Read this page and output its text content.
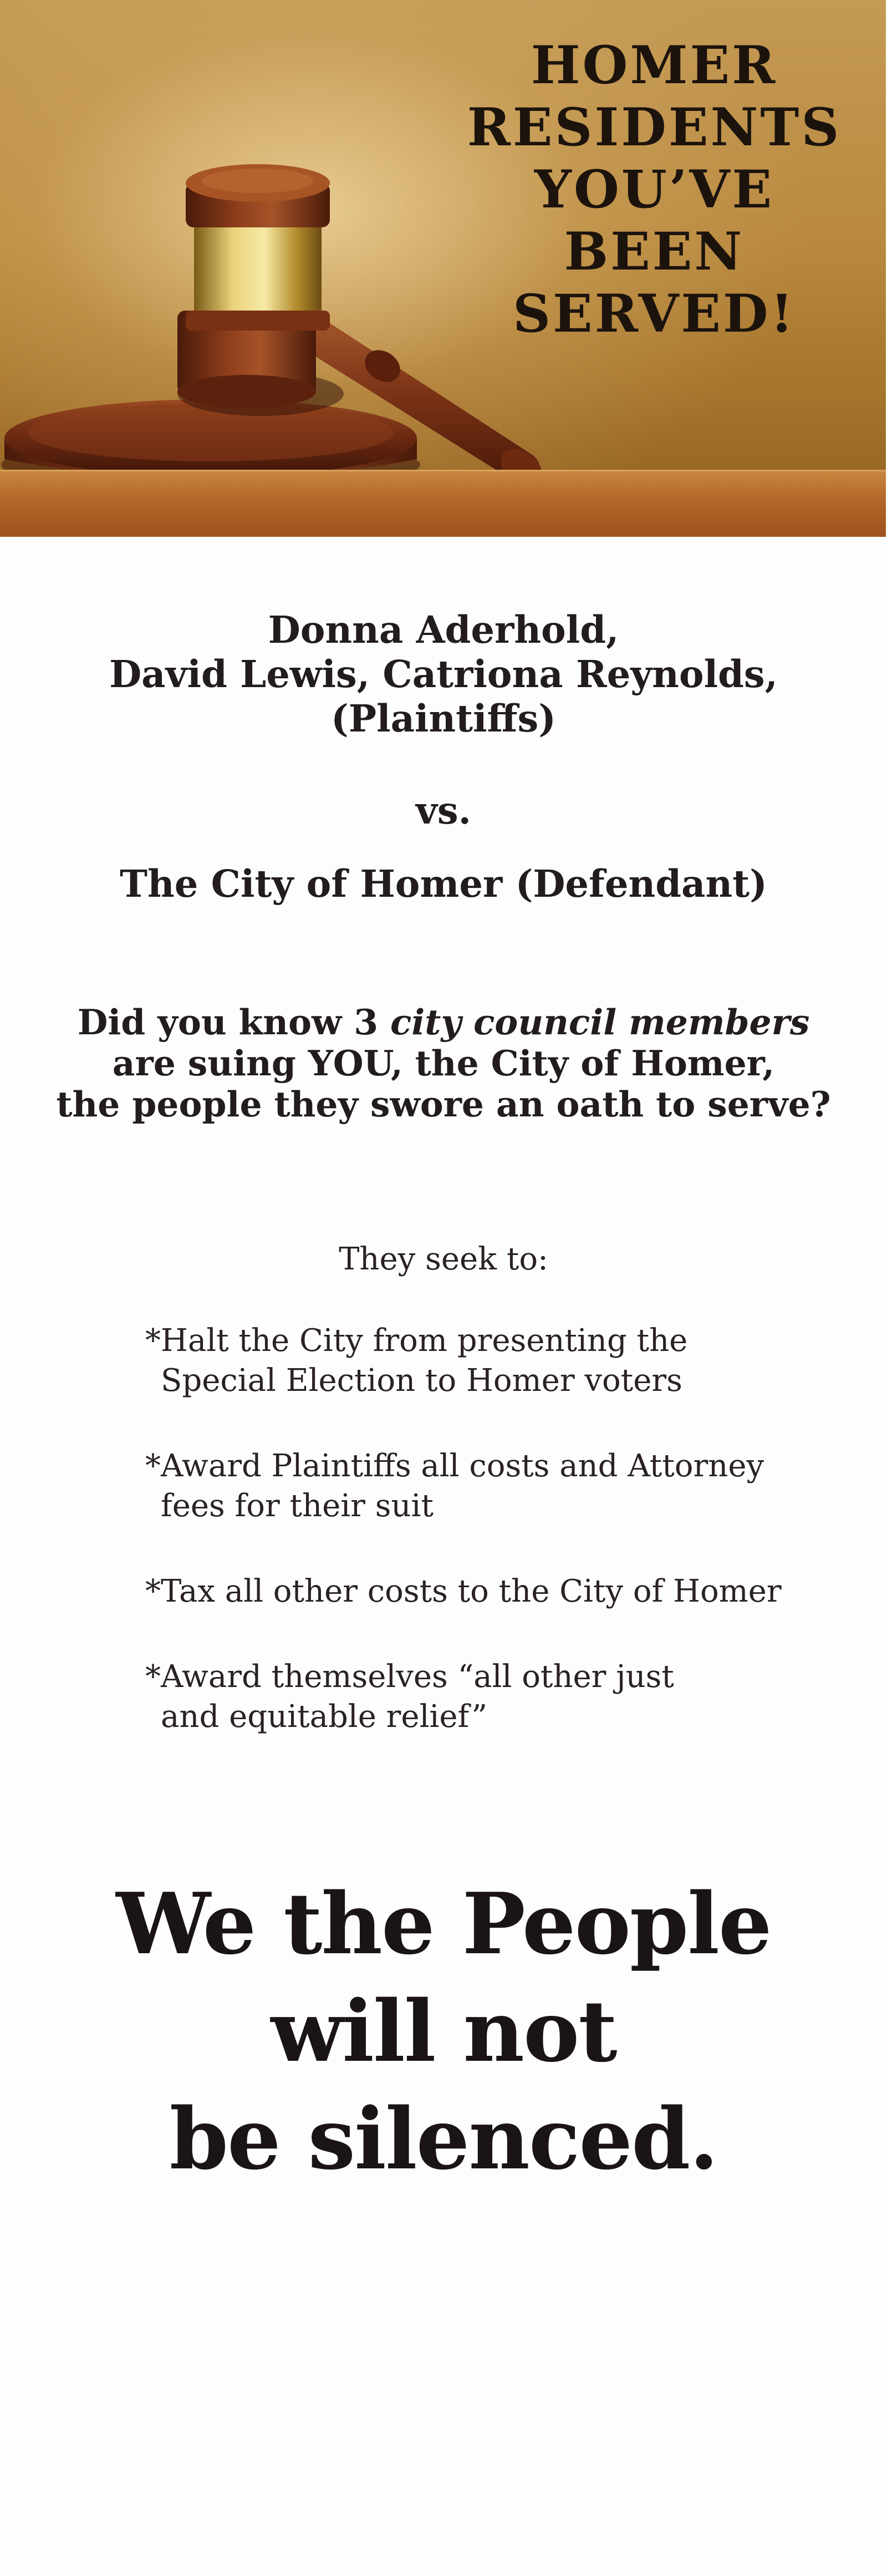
HOMER
RESIDENTS
YOU’VE
BEEN
SERVED!

Donna Aderhold,
David Lewis, Catriona Reynolds,
(Plaintiffs)

vs.

The City of Homer (Defendant)

Did you know 3 city council members
are suing YOU, the City of Homer,
the people they swore an oath to serve?

They seek to:

*Halt the City from presenting the
Special Election to Homer voters
*Award Plaintiffs all costs and Attorney
fees for their suit
*Tax all other costs to the City of Homer
*Award themselves “all other just
and equitable relief”
We the People
will not
be silenced.
